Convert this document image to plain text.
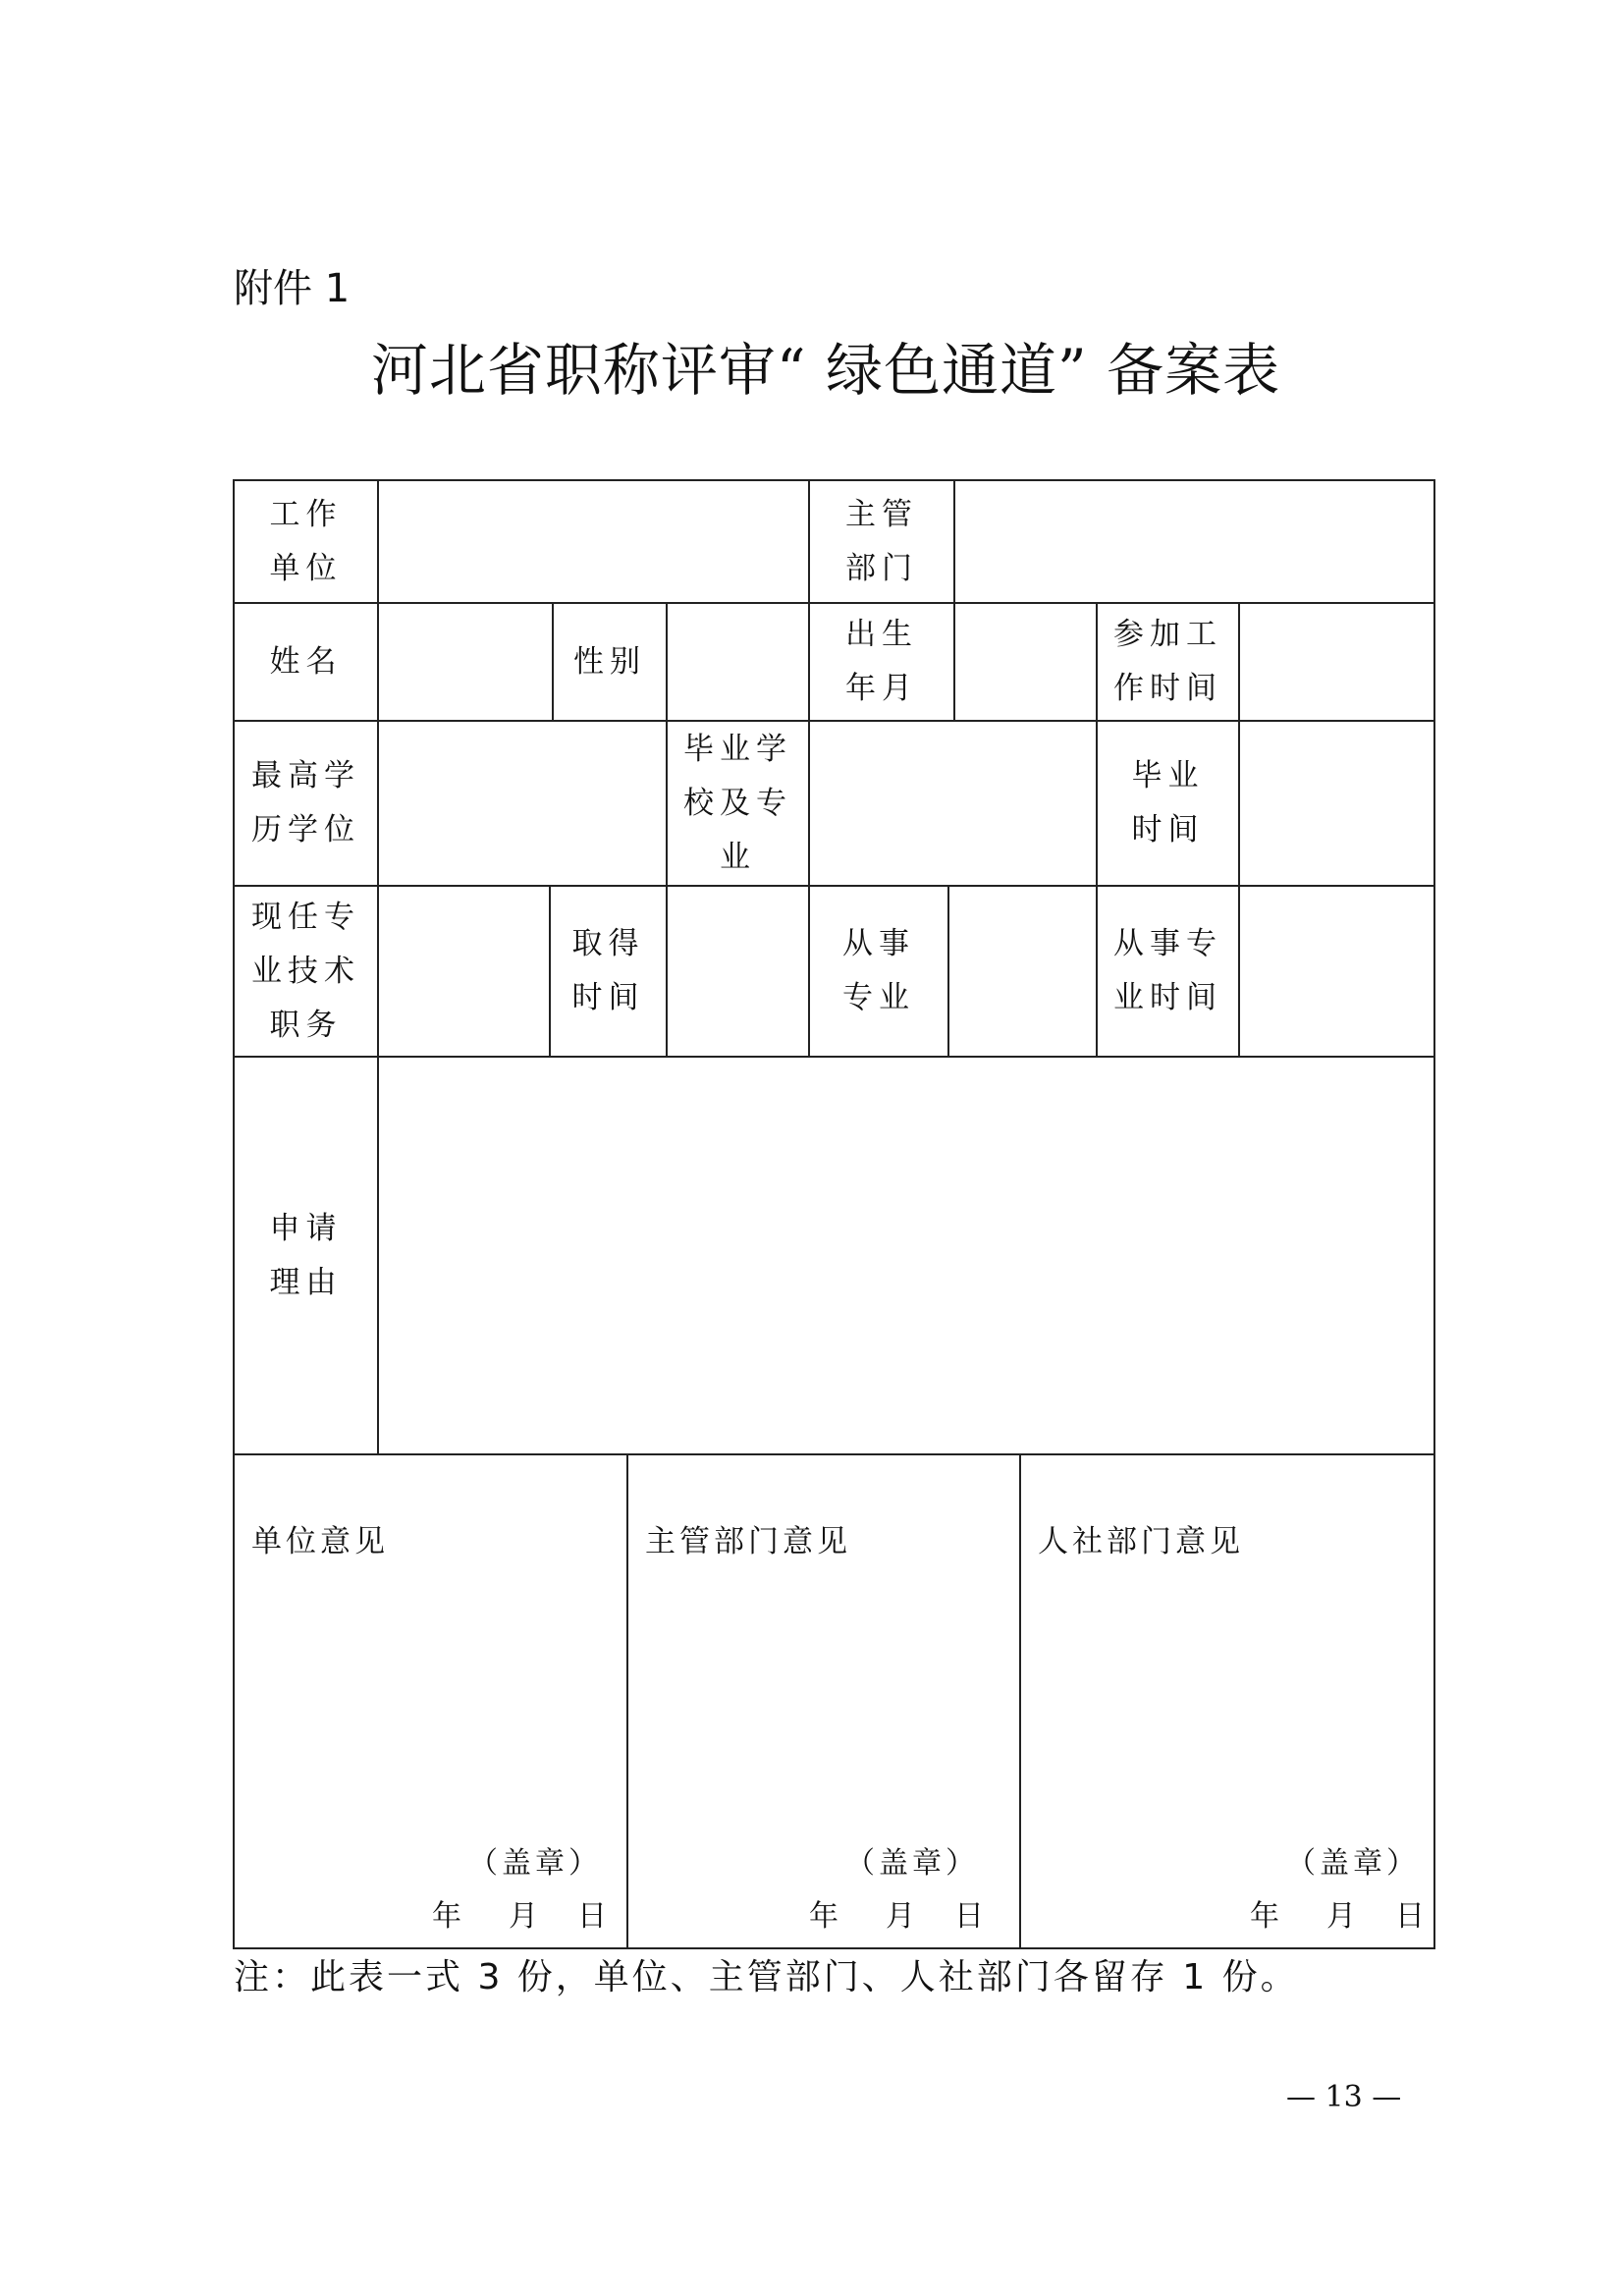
附件 1
河北省职称评审“ 绿色通道” 备案表
工作
单位
主管
部门
姓名	性别
出生
年月
参加工
作时间
最高学
历学位
毕业学
校及专
业
毕业
时间
现任专
业技术
职务
取得
时间
从事
专业
从事专
业时间
申请
理由
单位意见
（盖章）
年 月 日
主管部门意见
（盖章）
年 月 日
人社部门意见
（盖章）
年 月 日
注：此表一式 3 份，单位、主管部门、人社部门各留存 1 份。
— 13 —
